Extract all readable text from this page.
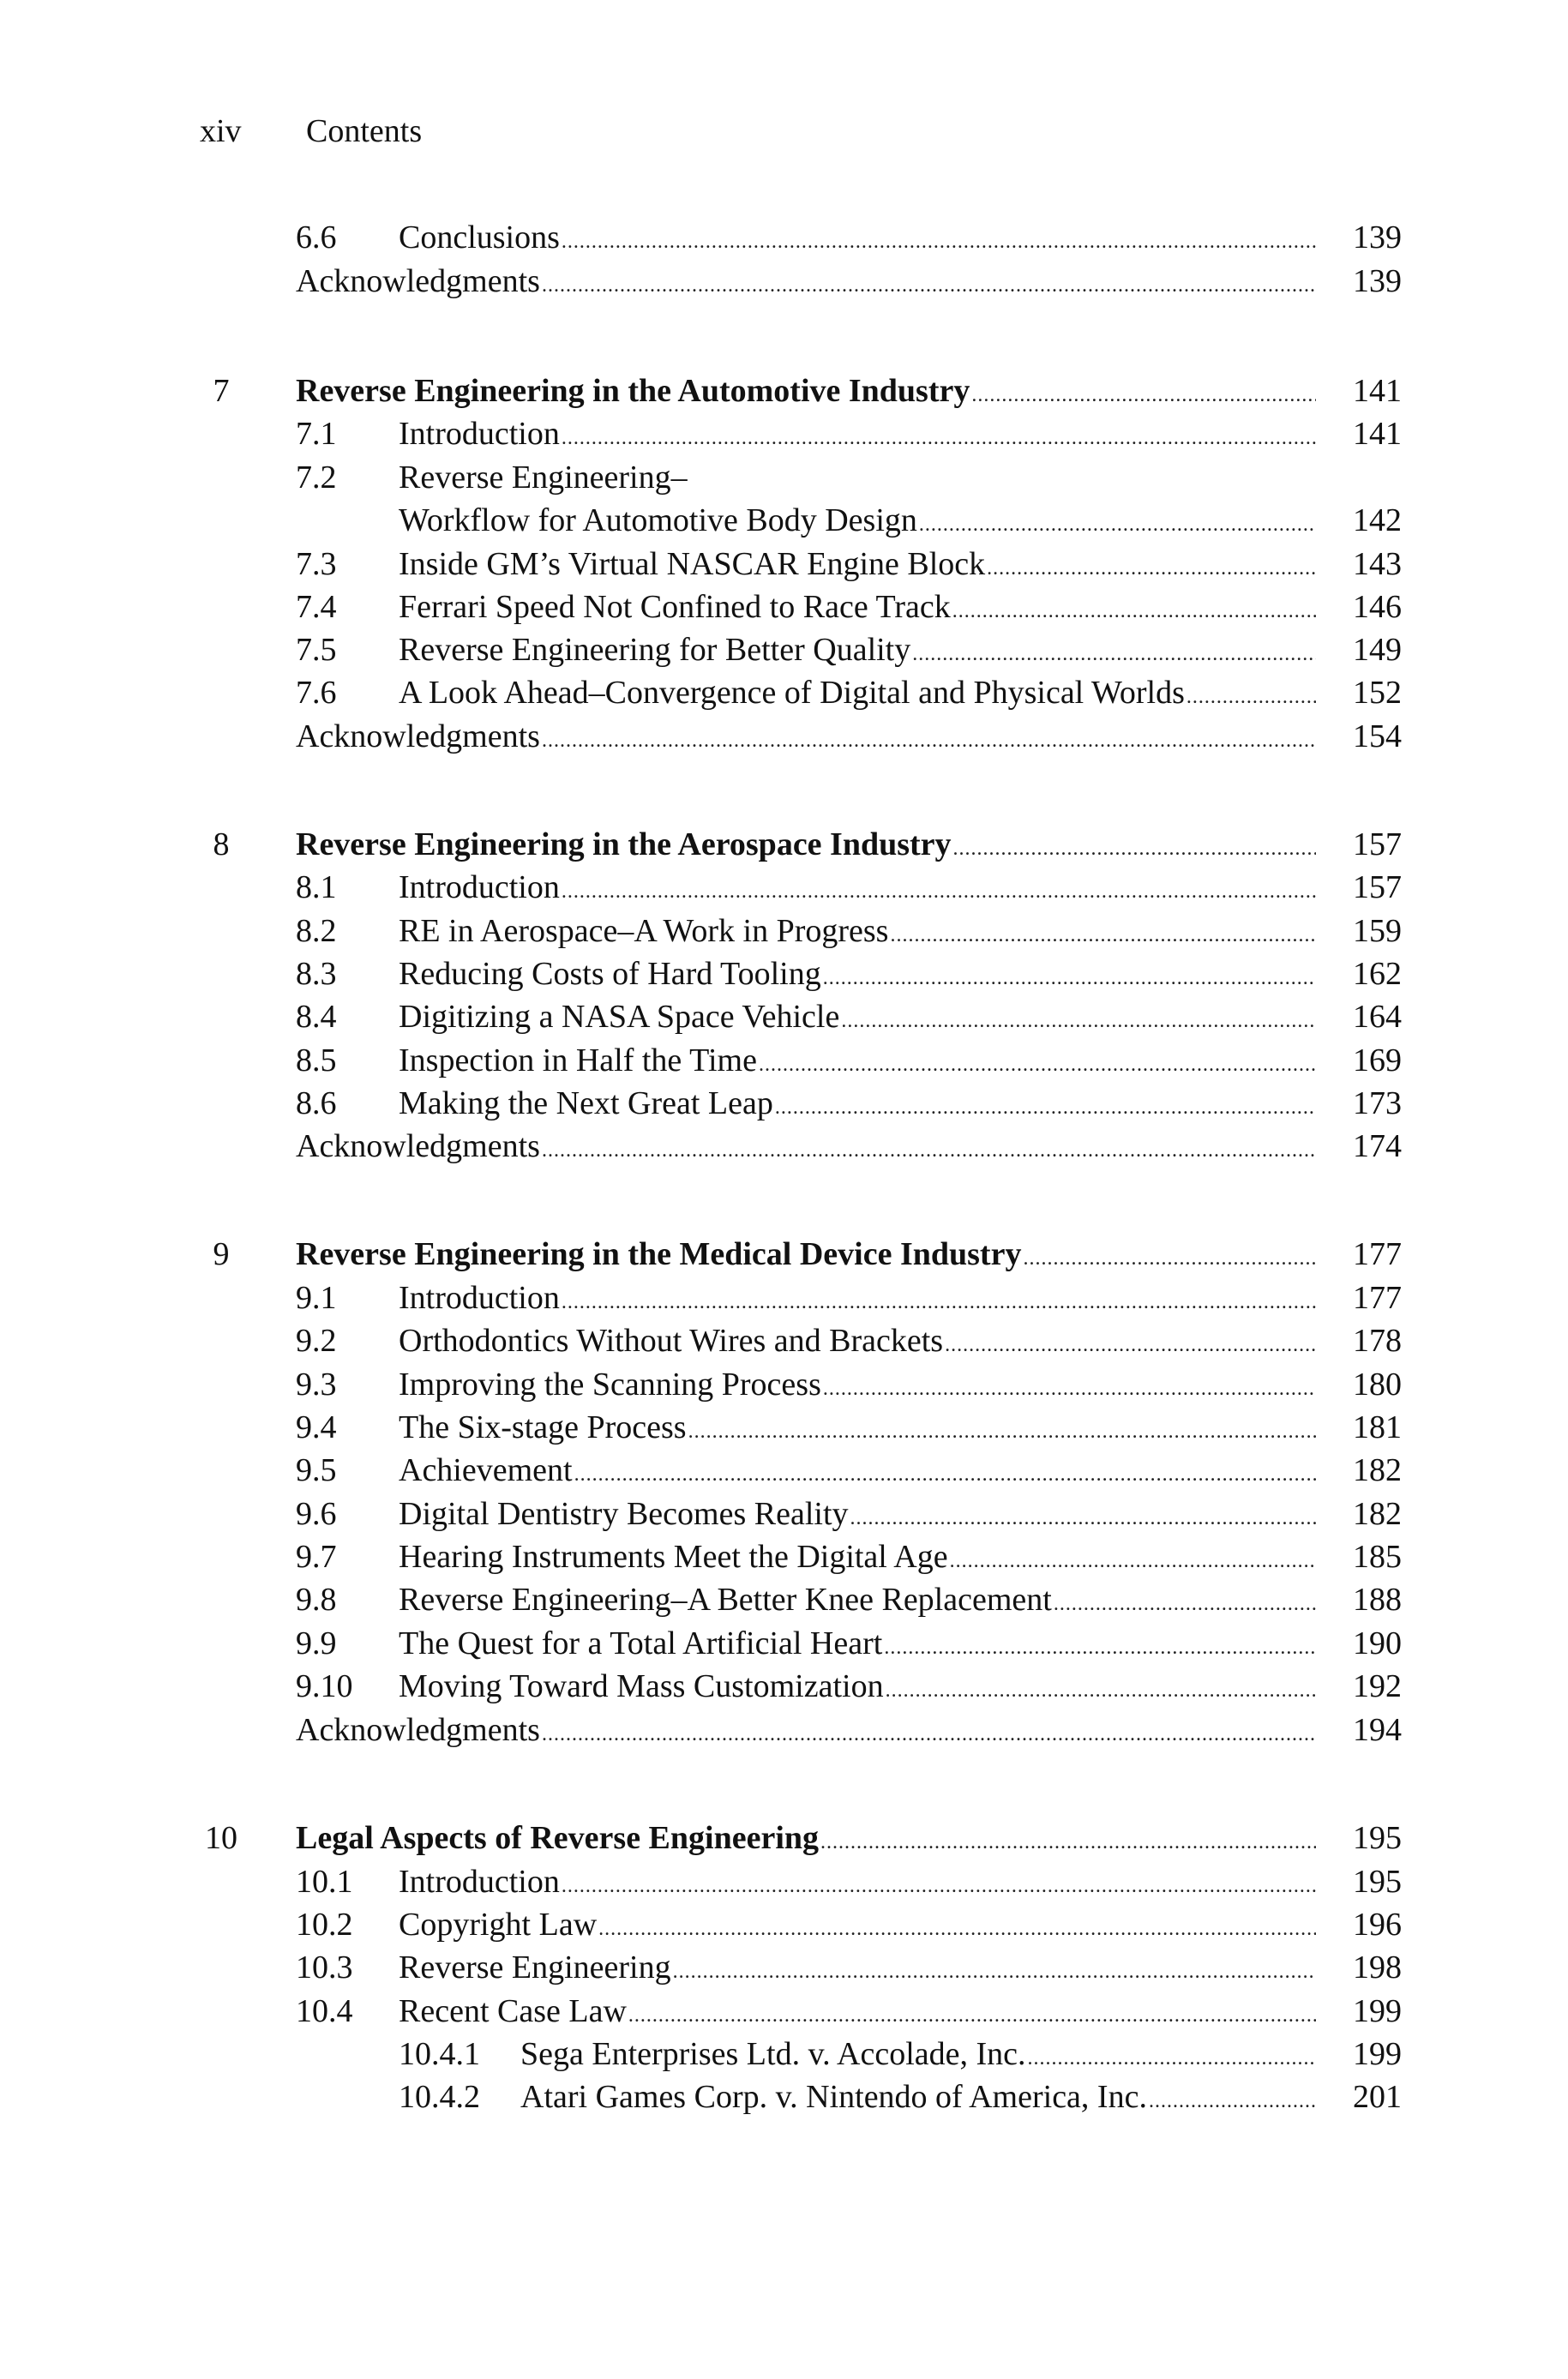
xiv Contents
6.6 Conclusions .....	139
Acknowledgments .....	139
7	Reverse Engineering in the Automotive Industry .....	141
7.1 Introduction .....	141
7.2 Reverse Engineering–
Workflow for Automotive Body Design .....	142
7.3 Inside GM’s Virtual NASCAR Engine Block .....	143
7.4 Ferrari Speed Not Confined to Race Track .....	146
7.5 Reverse Engineering for Better Quality .....	149
7.6 A Look Ahead–Convergence of Digital and Physical Worlds .....	152
Acknowledgments .....	154
8	Reverse Engineering in the Aerospace Industry .....	157
8.1 Introduction .....	157
8.2 RE in Aerospace–A Work in Progress .....	159
8.3 Reducing Costs of Hard Tooling .....	162
8.4 Digitizing a NASA Space Vehicle .....	164
8.5 Inspection in Half the Time .....	169
8.6 Making the Next Great Leap .....	173
Acknowledgments .....	174
9	Reverse Engineering in the Medical Device Industry .....	177
9.1 Introduction .....	177
9.2 Orthodontics Without Wires and Brackets .....	178
9.3 Improving the Scanning Process .....	180
9.4 The Six-stage Process .....	181
9.5 Achievement .....	182
9.6 Digital Dentistry Becomes Reality .....	182
9.7 Hearing Instruments Meet the Digital Age .....	185
9.8 Reverse Engineering–A Better Knee Replacement .....	188
9.9 The Quest for a Total Artificial Heart .....	190
9.10 Moving Toward Mass Customization .....	192
Acknowledgments .....	194
10 Legal Aspects of Reverse Engineering .....	195
10.1 Introduction .....	195
10.2 Copyright Law .....	196
10.3 Reverse Engineering .....	198
10.4 Recent Case Law .....	199
10.4.1 Sega Enterprises Ltd. v. Accolade, Inc. .....	199
10.4.2 Atari Games Corp. v. Nintendo of America, Inc. .....	201
